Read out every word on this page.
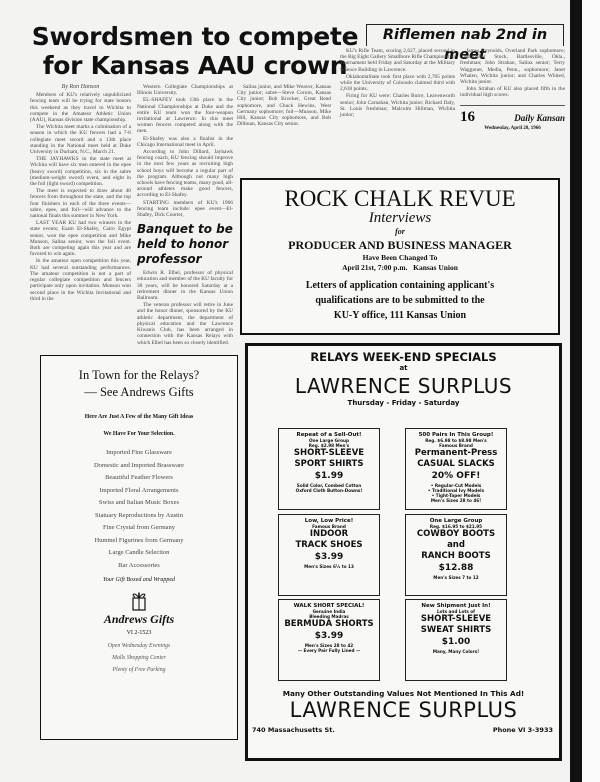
Swordsmen to compete for Kansas AAU crown
By Ron Hanson

Members of KU's relatively unpublicized fencing team will be trying for state honors this weekend as they travel to Wichita to compete in the Amateur Athletic Union (AAU), Kansas division state championship.

The Wichita meet marks a culmination of a season in which the KU fencers had a 7-6 collegiate meet record and a 13th place standing in the National meet held at Duke University in Durham, N.C., March 21.

THE JAYHAWKS in the state meet at Wichita will have six men entered in the epee (heavy sword) competition, six in the sabre (medium-weight sword) event, and eight in the foil (light sword) competition.

The meet is expected to draw about 40 fencers from throughout the state, and the top four finishers in each of the three events—sabre, epee, and foil—will advance to the national finals this summer in New York.

LAST YEAR KU had two winners in the state events; Esam El-Shafey, Cairo Egypt senior, won the epee competition and Mike Munson, Salina senior, won the foil event. Both are competing again this year and are favored to win again.

In the amateur open competition this year, KU had several outstanding performances. The amateur competition is not a part of regular collegiate competition and fencers participate only upon invitation. Munson won second place in the Wichita Invitational and third in the

Western Collegiate Championships at Illinois University.

EL-SHAFEY took 13th place in the National Championships at Duke and the entire KU team won the four-weapon invitational at Lawrence. In this meet women fencers competed along with the men.

El-Shafey was also a finalist in the Chicago International meet in April.

According to John Dillard, Jayhawk fencing coach, KU fencing should improve in the next few years as recruiting high school boys will become a regular part of the program. Although not many high schools have fencing teams, many good, all-around athletes make good fencers, according to El-Shafey.

STARTING members of KU's 1966 fencing team include: epee event—El-Shafey, Dick Courter,

Banquet to be held to honor professor

Edwin R. Elbel, professor of physical education and member of the KU faculty for 38 years, will be honored Saturday at a retirement dinner in the Kansas Union Ballroom.

The veteran professor will retire in June and the honor dinner, sponsored by the KU athletic department, the department of physical education and the Lawrence Kiwanis Club, has been arranged in connection with the Kansas Relays with which Elbel has been so closely identified.

Salina junior, and Mike Weaver, Kansas City junior; sabre—Steve Corum, Kansas City junior; Bob Krocker, Great Bend sophomore, and Chuck Hewins, West Germany sophomore; foil—Munson, Mike Hill, Kansas City sophomore, and Bob Dillman, Kansas City senior.

Riflemen nab 2nd in meet

KU's Rifle Team, scoring 2,627, placed second in the Big Eight Gallery Smallbore Rifle Championship Tournament held Friday and Saturday at the Military Science Building in Lawrence.

OklahomaState took first place with 2,705 points while the University of Colorado claimed third with 2,618 points.

Firing for KU were: Charles Burre, Leavenworth senior; John Carnahan, Wichita junior; Richard Daly, St. Louis freshman; Malcolm Hillman, Wichita junior;

James Reynolds, Overland Park sophomore; Christopher Stock, Bartlesville, Okla., freshman; John Strahan, Salina senior; Terry Waggoner, Media, Penn., sophomore; Janet Whalen, Wichita junior; and Charles Whited, Wichita junior.

John Strahan of KU also placed fifth in the individual high scores.

16	Daily Kansan
Wednesday, April 20, 1966
ROCK CHALK REVUE
Interviews
for
PRODUCER AND BUSINESS MANAGER
Have Been Changed To
April 21st, 7:00 p.m. Kansas Union
Letters of application containing applicant's
qualifications are to be submitted to the
KU-Y office, 111 Kansas Union
In Town for the Relays?
— See Andrews Gifts
Here Are Just A Few of the Many Gift Ideas
We Have For Your Selection.
Imported Fine Glassware
Domestic and Imported Brassware
Beautiful Feather Flowers
Imported Floral Arrangements
Swiss and Italian Music Boxes
Statuary Reproductions by Austin
Fine Crystal from Germany
Hummel Figurines from Germany
Large Candle Selection
Bar Accessories
Your Gift Boxed and Wrapped
Andrews Gifts
VI 2-1523
Open Wednesday Evenings
Malls Shopping Center
Plenty of Free Parking
RELAYS WEEK-END SPECIALS
at
LAWRENCE SURPLUS
Thursday - Friday - Saturday
Repeat of a Sell-Out!
One Large Group
Reg. $2.98 Men's
SHORT-SLEEVE
SPORT SHIRTS
$1.99
Solid Color, Combed Cotton
Oxford Cloth Button-Downs!
500 Pairs In This Group!
Reg. $6.98 to $8.98 Men's
Famous Brand
Permanent-Press
CASUAL SLACKS
20% OFF!
• Regular-Cut Models
• Traditional Ivy Models
• Tight-Taper Models
Men's Sizes 28 to 46!
Low, Low Price!
Famous Brand
INDOOR
TRACK SHOES
$3.99
Men's Sizes 6½ to 13
One Large Group
Reg. $16.95 to $21.95
COWBOY BOOTS
and
RANCH BOOTS
$12.88
Men's Sizes 7 to 12
WALK SHORT SPECIAL!
Genuine India
Bleeding Madras
BERMUDA SHORTS
$3.99
Men's Sizes 28 to 42
— Every Pair Fully Lined —
New Shipment Just In!
Lots and Lots of
SHORT-SLEEVE
SWEAT SHIRTS
$1.00
Many, Many Colors!
Many Other Outstanding Values Not Mentioned In This Ad!
LAWRENCE SURPLUS
740 Massachusetts St.	Phone VI 3-3933
